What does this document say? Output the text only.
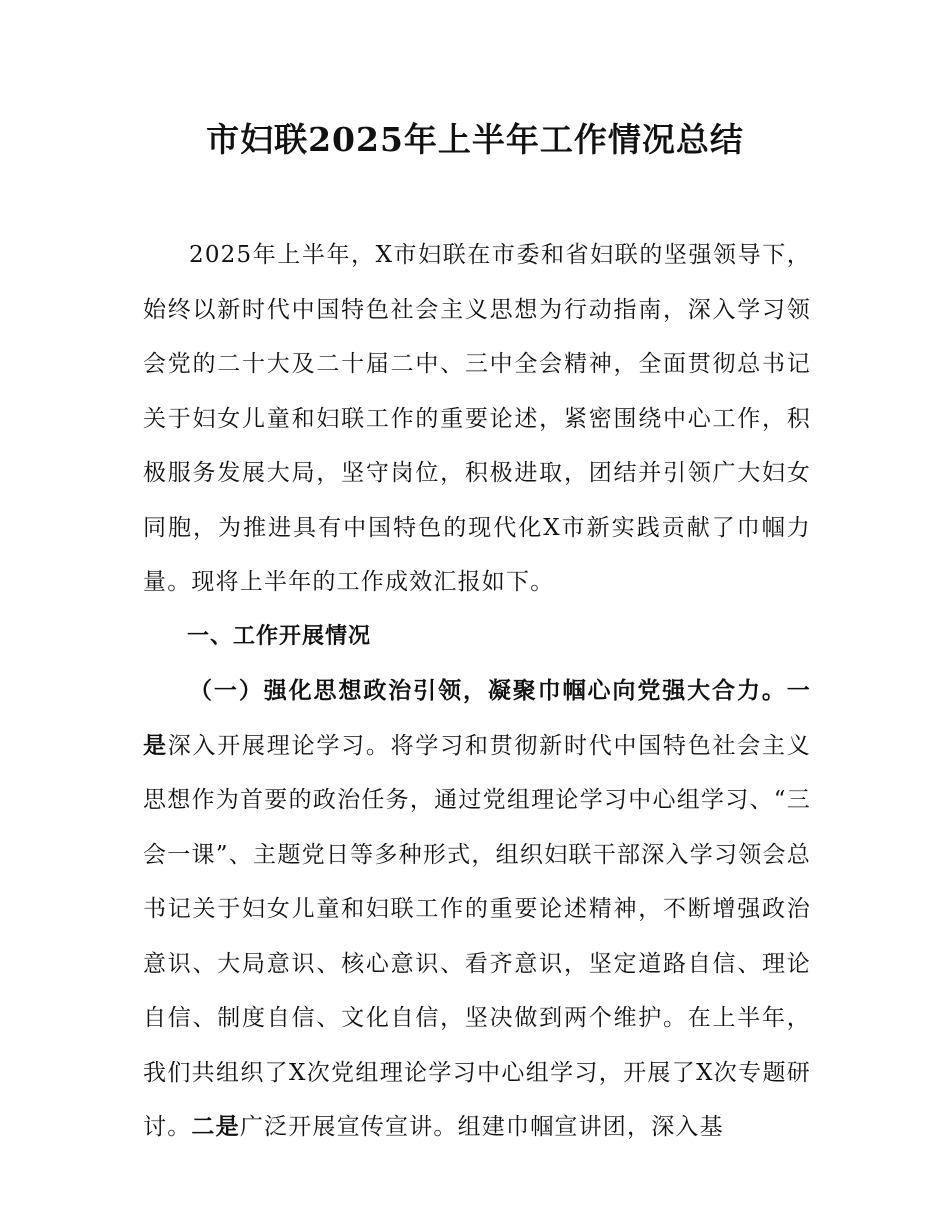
市妇联2025年上半年工作情况总结

2025年上半年，X市妇联在市委和省妇联的坚强领导下，始终以新时代中国特色社会主义思想为行动指南，深入学习领会党的二十大及二十届二中、三中全会精神，全面贯彻总书记关于妇女儿童和妇联工作的重要论述，紧密围绕中心工作，积极服务发展大局，坚守岗位，积极进取，团结并引领广大妇女同胞，为推进具有中国特色的现代化X市新实践贡献了巾帼力量。现将上半年的工作成效汇报如下。

一、工作开展情况

（一）强化思想政治引领，凝聚巾帼心向党强大合力。一是深入开展理论学习。将学习和贯彻新时代中国特色社会主义思想作为首要的政治任务，通过党组理论学习中心组学习、“三会一课”、主题党日等多种形式，组织妇联干部深入学习领会总书记关于妇女儿童和妇联工作的重要论述精神，不断增强政治意识、大局意识、核心意识、看齐意识，坚定道路自信、理论自信、制度自信、文化自信，坚决做到两个维护。在上半年，我们共组织了X次党组理论学习中心组学习，开展了X次专题研讨。二是广泛开展宣传宣讲。组建巾帼宣讲团，深入基
